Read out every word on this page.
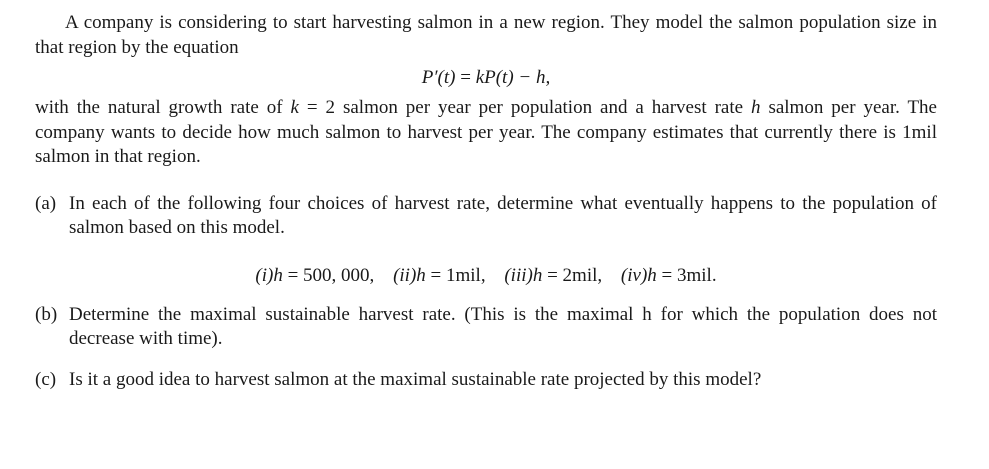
A company is considering to start harvesting salmon in a new region. They model the salmon population size in that region by the equation

P′(t) = kP(t) − h,

with the natural growth rate of k = 2 salmon per year per population and a harvest rate h salmon per year. The company wants to decide how much salmon to harvest per year. The company estimates that currently there is 1mil salmon in that region.

(a) In each of the following four choices of harvest rate, determine what eventually happens to the population of salmon based on this model.
(i)h = 500, 000, (ii)h = 1mil, (iii)h = 2mil, (iv)h = 3mil.
(b) Determine the maximal sustainable harvest rate. (This is the maximal h for which the population does not decrease with time).
(c) Is it a good idea to harvest salmon at the maximal sustainable rate projected by this model?
